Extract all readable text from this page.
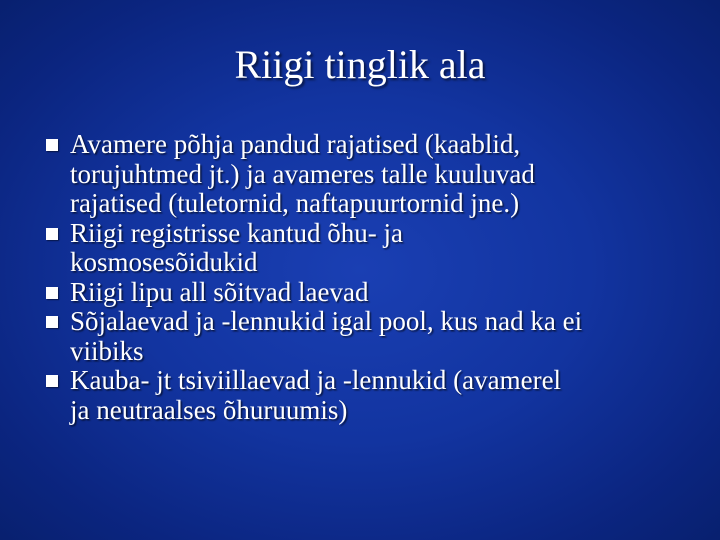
Riigi tinglik ala
Avamere põhja pandud rajatised (kaablid,
torujuhtmed jt.) ja avameres talle kuuluvad
rajatised (tuletornid, naftapuurtornid jne.)
Riigi registrisse kantud õhu- ja
kosmosesõidukid
Riigi lipu all sõitvad laevad
Sõjalaevad ja -lennukid igal pool, kus nad ka ei
viibiks
Kauba- jt tsiviillaevad ja -lennukid (avamerel
ja neutraalses õhuruumis)
